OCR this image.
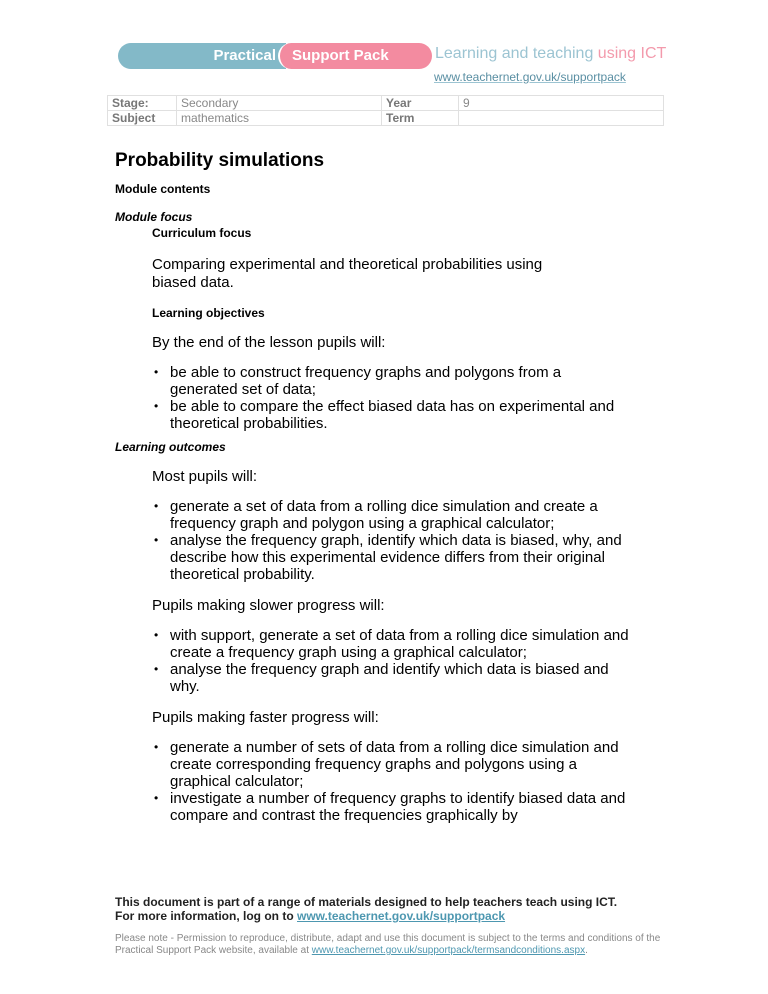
Practical Support Pack	Learning and teaching using ICT
www.teachernet.gov.uk/supportpack
Stage:	Secondary	Year	9
Subject	mathematics	Term	
Probability simulations
Module contents
Module focus
Curriculum focus
Comparing experimental and theoretical probabilities using biased data.
Learning objectives
By the end of the lesson pupils will:
• be able to construct frequency graphs and polygons from a generated set of data;
• be able to compare the effect biased data has on experimental and theoretical probabilities.
Learning outcomes
Most pupils will:
• generate a set of data from a rolling dice simulation and create a frequency graph and polygon using a graphical calculator;
• analyse the frequency graph, identify which data is biased, why, and describe how this experimental evidence differs from their original theoretical probability.
Pupils making slower progress will:
• with support, generate a set of data from a rolling dice simulation and create a frequency graph using a graphical calculator;
• analyse the frequency graph and identify which data is biased and why.
Pupils making faster progress will:
• generate a number of sets of data from a rolling dice simulation and create corresponding frequency graphs and polygons using a graphical calculator;
• investigate a number of frequency graphs to identify biased data and compare and contrast the frequencies graphically by
This document is part of a range of materials designed to help teachers teach using ICT.
For more information, log on to www.teachernet.gov.uk/supportpack
Please note - Permission to reproduce, distribute, adapt and use this document is subject to the terms and conditions of the Practical Support Pack website, available at www.teachernet.gov.uk/supportpack/termsandconditions.aspx.
